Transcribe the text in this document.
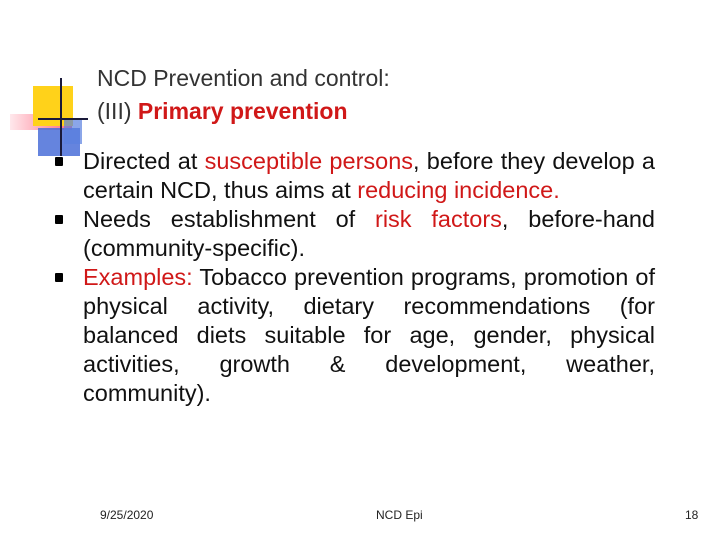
NCD Prevention and control:
(III) Primary prevention
Directed at susceptible persons, before they develop a certain NCD, thus aims at reducing incidence.
Needs establishment of risk factors, before-hand (community-specific).
Examples: Tobacco prevention programs, promotion of physical activity, dietary recommendations (for balanced diets suitable for age, gender, physical activities, growth & development, weather, community).
9/25/2020	NCD Epi	18
